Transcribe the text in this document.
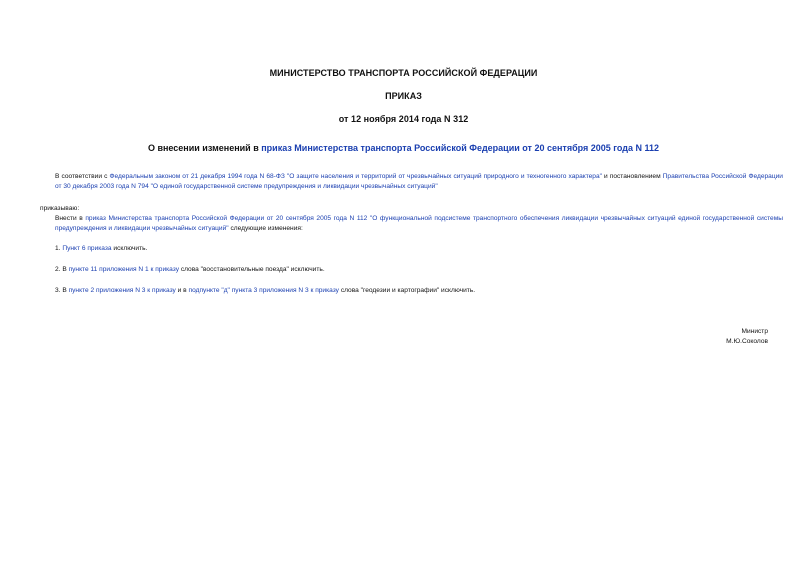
МИНИСТЕРСТВО ТРАНСПОРТА РОССИЙСКОЙ ФЕДЕРАЦИИ
ПРИКАЗ
от 12 ноября 2014 года N 312
О внесении изменений в приказ Министерства транспорта Российской Федерации от 20 сентября 2005 года N 112
В соответствии с Федеральным законом от 21 декабря 1994 года N 68-ФЗ "О защите населения и территорий от чрезвычайных ситуаций природного и техногенного характера" и постановлением Правительства Российской Федерации от 30 декабря 2003 года N 794 "О единой государственной системе предупреждения и ликвидации чрезвычайных ситуаций"
приказываю:
Внести в приказ Министерства транспорта Российской Федерации от 20 сентября 2005 года N 112 "О функциональной подсистеме транспортного обеспечения ликвидации чрезвычайных ситуаций единой государственной системы предупреждения и ликвидации чрезвычайных ситуаций" следующие изменения:
1. Пункт 6 приказа исключить.
2. В пункте 11 приложения N 1 к приказу слова "восстановительные поезда" исключить.
3. В пункте 2 приложения N 3 к приказу и в подпункте "д" пункта 3 приложения N 3 к приказу слова "геодезии и картографии" исключить.
Министр
М.Ю.Соколов
